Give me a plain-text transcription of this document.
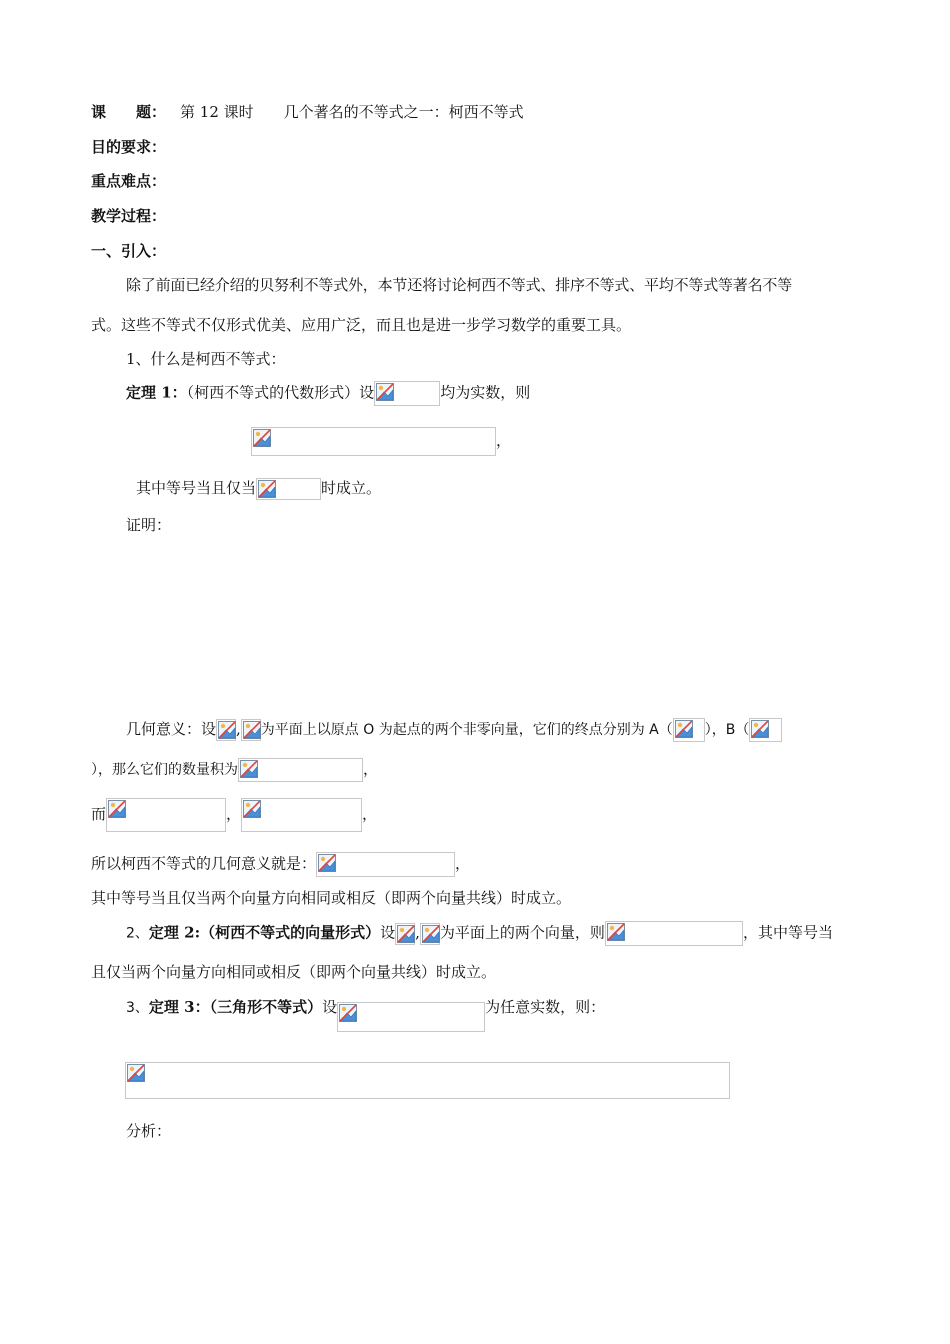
课　　题： 第 12 课时　　几个著名的不等式之一：柯西不等式
目的要求：
重点难点：
教学过程：
一、引入：
除了前面已经介绍的贝努利不等式外，本节还将讨论柯西不等式、排序不等式、平均不等式等著名不等
式。这些不等式不仅形式优美、应用广泛，而且也是进一步学习数学的重要工具。
1、什么是柯西不等式：
定理 1：（柯西不等式的代数形式）设	均为实数，则
，
其中等号当且仅当	时成立。
证明：
几何意义：设 , 为平面上以原点 O 为起点的两个非零向量，它们的终点分别为 A（ ），B（
），那么它们的数量积为	，
而	，	，
所以柯西不等式的几何意义就是：	，
其中等号当且仅当两个向量方向相同或相反（即两个向量共线）时成立。
2、定理 2:（柯西不等式的向量形式）设 , 为平面上的两个向量，则	，其中等号当
且仅当两个向量方向相同或相反（即两个向量共线）时成立。
3、定理 3：（三角形不等式）设	为任意实数，则：
分析：
